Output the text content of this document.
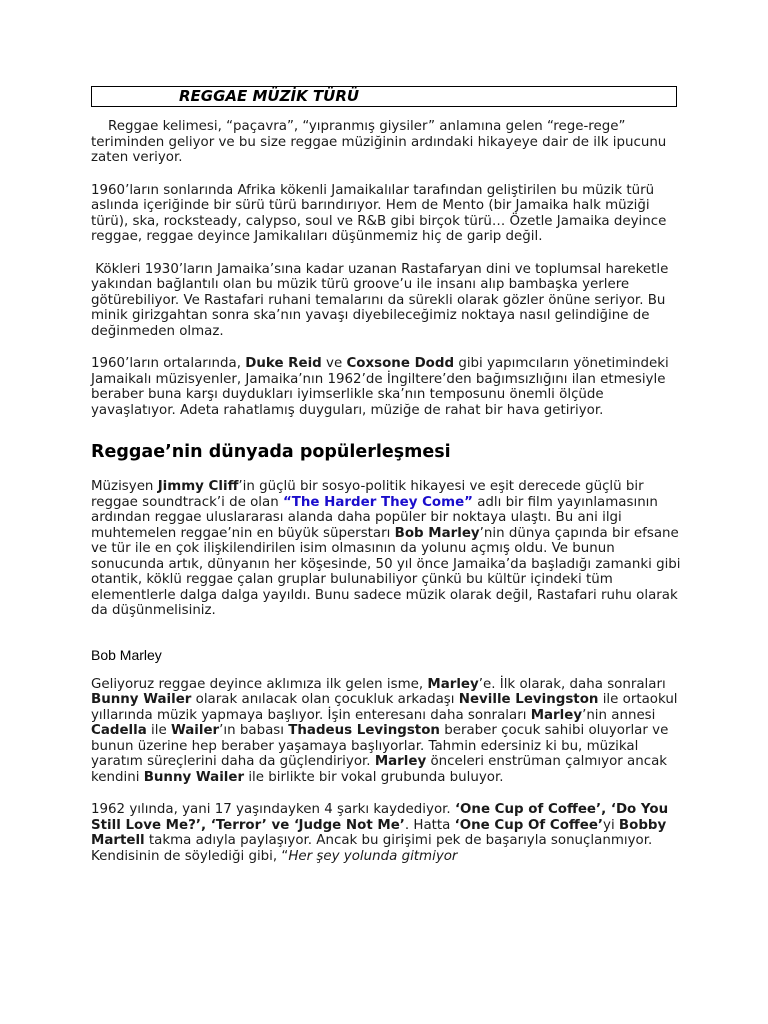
REGGAE MÜZİK TÜRÜ

Reggae kelimesi, “paçavra”, “yıpranmış giysiler” anlamına gelen “rege-rege” teriminden geliyor ve bu size reggae müziğinin ardındaki hikayeye dair de ilk ipucunu zaten veriyor.

1960’ların sonlarında Afrika kökenli Jamaikalılar tarafından geliştirilen bu müzik türü aslında içeriğinde bir sürü türü barındırıyor. Hem de Mento (bir Jamaika halk müziği türü), ska, rocksteady, calypso, soul ve R&B gibi birçok türü… Özetle Jamaika deyince reggae, reggae deyince Jamikalıları düşünmemiz hiç de garip değil.

Kökleri 1930’ların Jamaika’sına kadar uzanan Rastafaryan dini ve toplumsal hareketle yakından bağlantılı olan bu müzik türü groove’u ile insanı alıp bambaşka yerlere götürebiliyor. Ve Rastafari ruhani temalarını da sürekli olarak gözler önüne seriyor. Bu minik girizgahtan sonra ska’nın yavaşı diyebileceğimiz noktaya nasıl gelindiğine de değinmeden olmaz.

1960’ların ortalarında, Duke Reid ve Coxsone Dodd gibi yapımcıların yönetimindeki Jamaikalı müzisyenler, Jamaika’nın 1962’de İngiltere’den bağımsızlığını ilan etmesiyle beraber buna karşı duydukları iyimserlikle ska’nın temposunu önemli ölçüde yavaşlatıyor. Adeta rahatlamış duyguları, müziğe de rahat bir hava getiriyor.

Reggae’nin dünyada popülerleşmesi

Müzisyen Jimmy Cliff’in güçlü bir sosyo-politik hikayesi ve eşit derecede güçlü bir reggae soundtrack’i de olan “The Harder They Come” adlı bir film yayınlamasının ardından reggae uluslararası alanda daha popüler bir noktaya ulaştı. Bu ani ilgi muhtemelen reggae’nin en büyük süperstarı Bob Marley’nin dünya çapında bir efsane ve tür ile en çok ilişkilendirilen isim olmasının da yolunu açmış oldu. Ve bunun sonucunda artık, dünyanın her köşesinde, 50 yıl önce Jamaika’da başladığı zamanki gibi otantik, köklü reggae çalan gruplar bulunabiliyor çünkü bu kültür içindeki tüm elementlerle dalga dalga yayıldı. Bunu sadece müzik olarak değil, Rastafari ruhu olarak da düşünmelisiniz.

Bob Marley

Geliyoruz reggae deyince aklımıza ilk gelen isme, Marley’e. İlk olarak, daha sonraları Bunny Wailer olarak anılacak olan çocukluk arkadaşı Neville Levingston ile ortaokul yıllarında müzik yapmaya başlıyor. İşin enteresanı daha sonraları Marley’nin annesi Cadella ile Wailer’ın babası Thadeus Levingston beraber çocuk sahibi oluyorlar ve bunun üzerine hep beraber yaşamaya başlıyorlar. Tahmin edersiniz ki bu, müzikal yaratım süreçlerini daha da güçlendiriyor. Marley önceleri enstrüman çalmıyor ancak kendini Bunny Wailer ile birlikte bir vokal grubunda buluyor.

1962 yılında, yani 17 yaşındayken 4 şarkı kaydediyor. ‘One Cup of Coffee’, ‘Do You Still Love Me?’, ‘Terror’ ve ‘Judge Not Me’. Hatta ‘One Cup Of Coffee’yi Bobby Martell takma adıyla paylaşıyor. Ancak bu girişimi pek de başarıyla sonuçlanmıyor. Kendisinin de söylediği gibi, “Her şey yolunda gitmiyor
